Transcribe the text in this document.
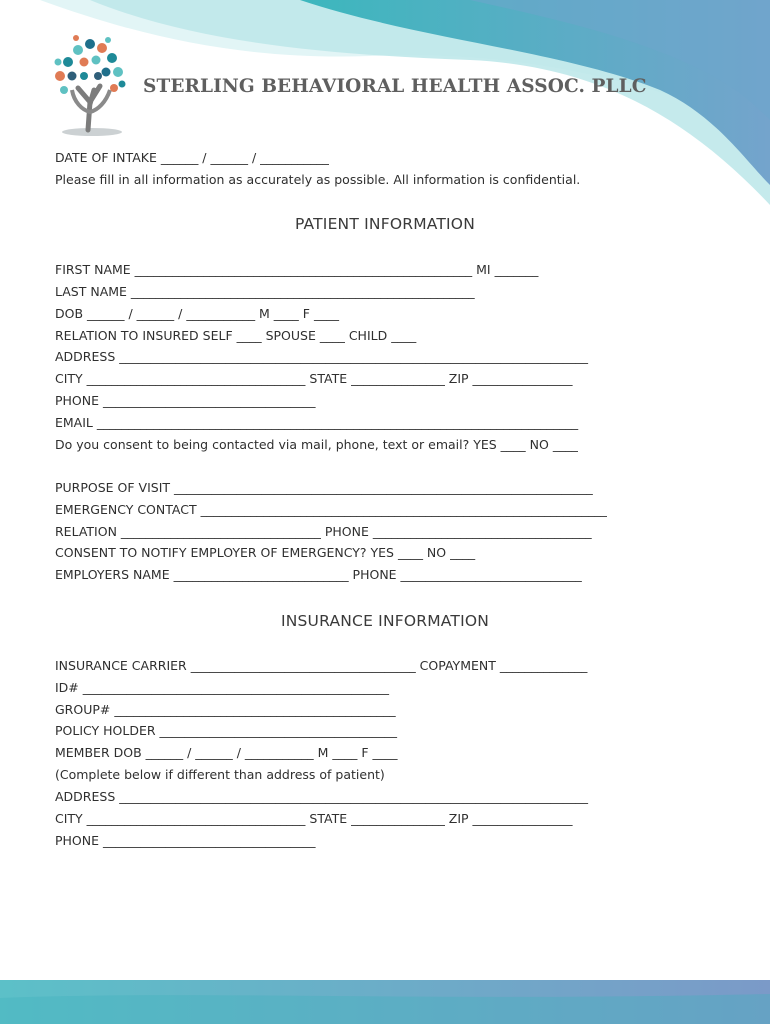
STERLING BEHAVIORAL HEALTH ASSOC. PLLC
DATE OF INTAKE ______ / ______ / ___________
Please fill in all information as accurately as possible. All information is confidential.
PATIENT INFORMATION
FIRST NAME ______________________________________________________ MI _______
LAST NAME _______________________________________________________
DOB ______ / ______ / ___________ M ____ F ____
RELATION TO INSURED SELF ____ SPOUSE ____ CHILD ____
ADDRESS ___________________________________________________________________________
CITY ___________________________________ STATE _______________ ZIP ________________
PHONE __________________________________
EMAIL _____________________________________________________________________________
Do you consent to being contacted via mail, phone, text or email? YES ____ NO ____
PURPOSE OF VISIT ___________________________________________________________________
EMERGENCY CONTACT _________________________________________________________________
RELATION ________________________________ PHONE ___________________________________
CONSENT TO NOTIFY EMPLOYER OF EMERGENCY? YES ____ NO ____
EMPLOYERS NAME ____________________________ PHONE _____________________________
INSURANCE INFORMATION
INSURANCE CARRIER ____________________________________ COPAYMENT ______________
ID# _________________________________________________
GROUP# _____________________________________________
POLICY HOLDER ______________________________________
MEMBER DOB ______ / ______ / ___________ M ____ F ____
(Complete below if different than address of patient)
ADDRESS ___________________________________________________________________________
CITY ___________________________________ STATE _______________ ZIP ________________
PHONE __________________________________
